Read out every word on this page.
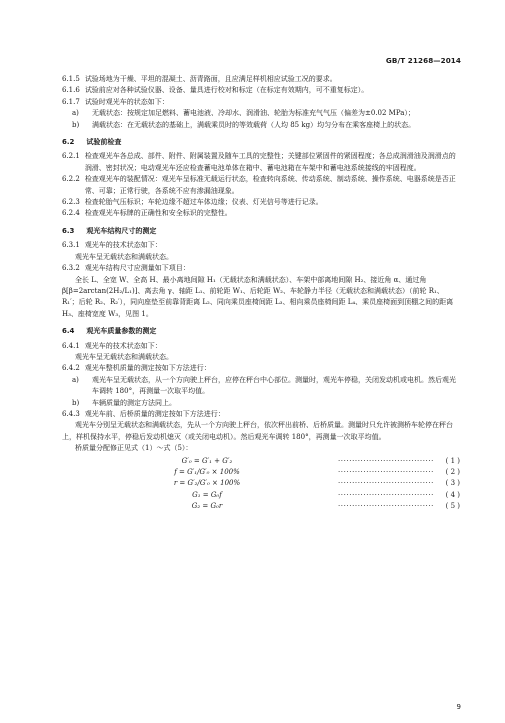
GB/T 21268—2014
6.1.5 试验场地为干燥、平坦的混凝土、沥青路面，且应满足样机相应试验工况的要求。
6.1.6 试验前应对各种试验仪器、设备、量具进行校对和标定（在标定有效期内，可不重复标定）。
6.1.7 试验时观光车的状态如下：
a)	无载状态：按规定加足燃料、蓄电池液、冷却水、润滑油、轮胎为标准充气气压（偏差为±0.02 MPa）；
b)	满载状态：在无载状态的基础上，满载乘员时的等效载荷（人均 85 kg）均匀分布在乘客座椅上的状态。
6.2 试验前检查
6.2.1 检查观光车各总成、部件、附件、附属装置及随车工具的完整性；关键部位紧固件的紧固程度；各总成润滑油及润滑点的润滑、密封状况；电动观光车还应检查蓄电池单体在箱中、蓄电池箱在车架中和蓄电池系统接线的牢固程度。
6.2.2 检查观光车的装配情况：观光车呈标准无载运行状态，检查转向系统、传动系统、制动系统、操作系统、电器系统是否正常、可靠；正常行驶，各系统不应有渗漏油现象。
6.2.3 检查轮胎气压标识；车轮边缘不超过车体边缘；仪表、灯光信号等进行记录。
6.2.4 检查观光车标牌的正确性和安全标识的完整性。
6.3 观光车结构尺寸的测定
6.3.1 观光车的技术状态如下：
观光车呈无载状态和满载状态。
6.3.2 观光车结构尺寸应测量如下项目：
全长 L、全宽 W、全高 H、最小离地间隙 H₁（无载状态和满载状态）、车架中部离地间隙 H₂、接近角 α、通过角 β[β=2arctan(2H₂/L₁)]、离去角 γ、轴距 L₁、前轮距 W₁、后轮距 W₂、车轮静力半径（无载状态和满载状态）（前轮 R₁、R₁′；后轮 R₂、R₂′），同向座垫至前靠背距离 L₂、同向乘员座椅间距 L₃、相向乘员座椅间距 L₄、乘员座椅面到顶棚之间的距离 H₃、座椅宽度 W₃，见图 1。
6.4 观光车质量参数的测定
6.4.1 观光车的技术状态如下：
观光车呈无载状态和满载状态。
6.4.2 观光车整机质量的测定按如下方法进行：
a)	观光车呈无载状态，从一个方向驶上秤台，应停在秤台中心部位。测量时，观光车停稳，关闭发动机或电机。然后观光车调转 180°，再测量一次取平均值。
b)	车辆质量的测定方法同上。
6.4.3 观光车前、后桥质量的测定按如下方法进行：
观光车分别呈无载状态和满载状态，先从一个方向驶上秤台，依次秤出前桥、后桥质量。测量时只允许被测桥车轮停在秤台上，样机保持水平，停稳后发动机熄灭（或关闭电动机）。然后观光车调转 180°，再测量一次取平均值。
桥质量分配修正见式（1）～式（5）：
G′₀ = G′₁ + G′₂	··································	( 1 )
f = G′₁/G′₀ × 100%	··································	( 2 )
r = G′₂/G′₀ × 100%	··································	( 3 )
G₁ = G₀f	··································	( 4 )
G₂ = G₀r	··································	( 5 )
9
